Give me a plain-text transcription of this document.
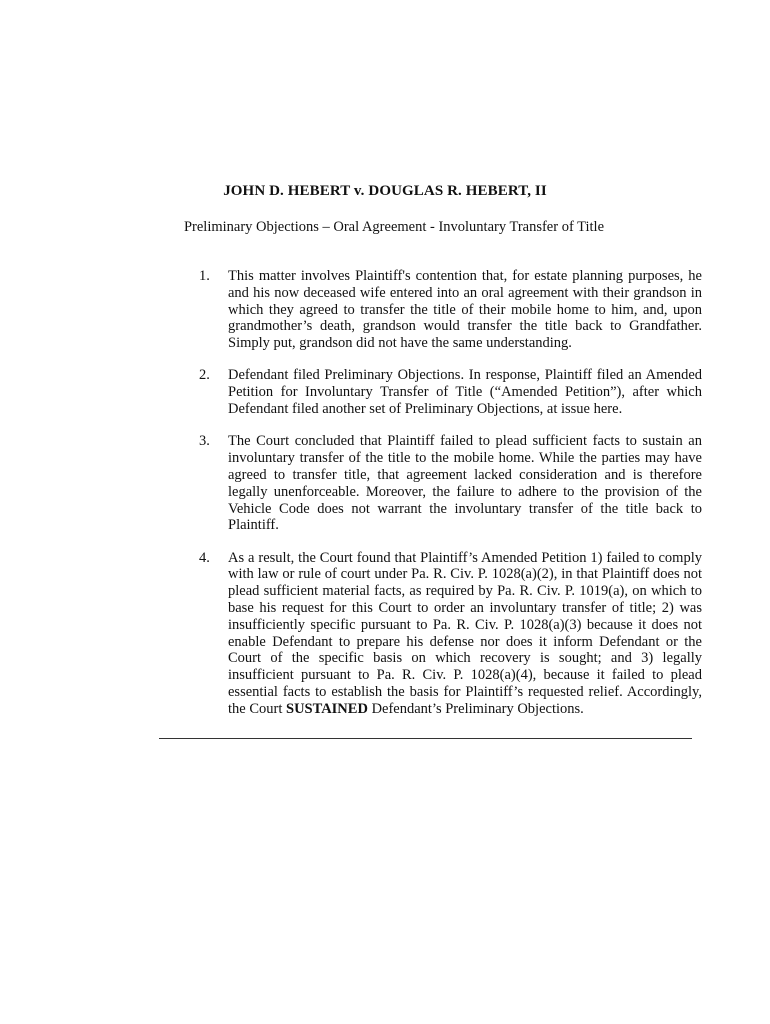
JOHN D. HEBERT v. DOUGLAS R. HEBERT, II
Preliminary Objections – Oral Agreement - Involuntary Transfer of Title
1.	This matter involves Plaintiff's contention that, for estate planning purposes, he and his now deceased wife entered into an oral agreement with their grandson in which they agreed to transfer the title of their mobile home to him, and, upon grandmother’s death, grandson would transfer the title back to Grandfather. Simply put, grandson did not have the same understanding.
2.	Defendant filed Preliminary Objections. In response, Plaintiff filed an Amended Petition for Involuntary Transfer of Title (“Amended Petition”), after which Defendant filed another set of Preliminary Objections, at issue here.
3.	The Court concluded that Plaintiff failed to plead sufficient facts to sustain an involuntary transfer of the title to the mobile home. While the parties may have agreed to transfer title, that agreement lacked consideration and is therefore legally unenforceable. Moreover, the failure to adhere to the provision of the Vehicle Code does not warrant the involuntary transfer of the title back to Plaintiff.
4.	As a result, the Court found that Plaintiff’s Amended Petition 1) failed to comply with law or rule of court under Pa. R. Civ. P. 1028(a)(2), in that Plaintiff does not plead sufficient material facts, as required by Pa. R. Civ. P. 1019(a), on which to base his request for this Court to order an involuntary transfer of title; 2) was insufficiently specific pursuant to Pa. R. Civ. P. 1028(a)(3) because it does not enable Defendant to prepare his defense nor does it inform Defendant or the Court of the specific basis on which recovery is sought; and 3) legally insufficient pursuant to Pa. R. Civ. P. 1028(a)(4), because it failed to plead essential facts to establish the basis for Plaintiff’s requested relief. Accordingly, the Court SUSTAINED Defendant’s Preliminary Objections.
